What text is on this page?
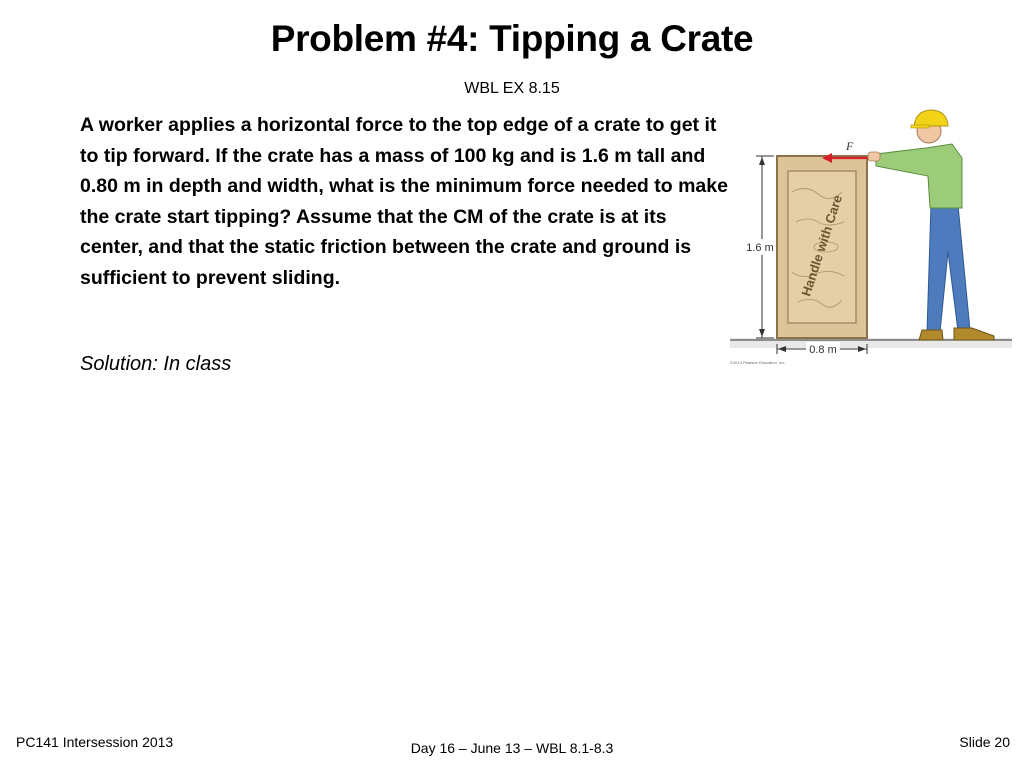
Problem #4: Tipping a Crate
WBL EX 8.15
A worker applies a horizontal force to the top edge of a crate to get it to tip forward. If the crate has a mass of 100 kg and is 1.6 m tall and 0.80 m in depth and width, what is the minimum force needed to make the crate start tipping? Assume that the CM of the crate is at its center, and that the static friction between the crate and ground is sufficient to prevent sliding.
Solution: In class
1.6 m Handle with Care
F
0.8 m
©2014 Pearson Education, Inc.
PC141 Intersession 2013	Day 16 – June 13 – WBL 8.1-8.3	Slide 20
